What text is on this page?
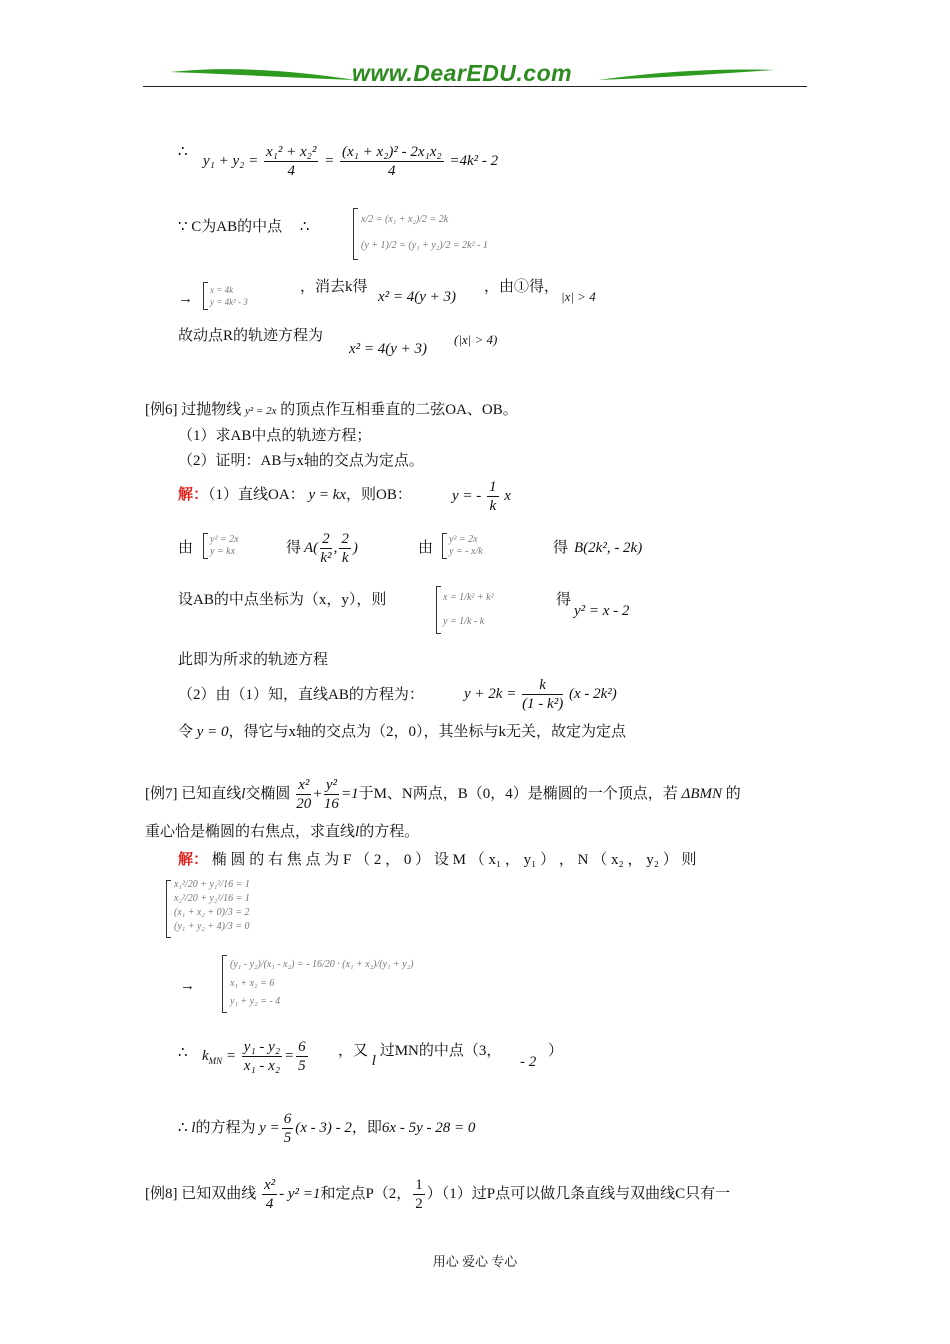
www.DearEDU.com
∴
$y_1 + y_2 = \frac{\text{x₁² + x₂²}}{4} = \frac{\text{(x₁ + x₂)² - 2x₁x₂}}{4} =4k^2 - 2$
∵ C为AB的中点 ∴	x/2 = (x₁ + x₂)/2 = 2k
(y + 1)/2 = (y₁ + y₂)/2 = 2k² - 1
→
x = 4k
y = 4k² - 3
，消去k得
x² = 4(y + 3)
，由①得，
|x| > 4
故动点R的轨迹方程为
x² = 4(y + 3)
(|x| > 4)
[例6] 过抛物线 y² = 2x 的顶点作互相垂直的二弦OA、OB。
（1）求AB中点的轨迹方程；
（2）证明：AB与x轴的交点为定点。
解：（1）直线OA： y = kx，则OB：	y = - $\frac{1}{k}$ x
由
y² = 2x
y = kx	得 $A( \frac{2}{\text{k²}}$ , $\frac{2}{k}$ )	由
y² = 2x
y = - x/k	得 B(2k², - 2k)
设AB的中点坐标为（x，y），则	x = 1/k² + k²
y = 1/k - k
得
y² = x - 2
此即为所求的轨迹方程
（2）由（1）知，直线AB的方程为：	$y + 2k = \frac{k}{\text{(1 - k²)}} (x - 2k^2)$
令 y = 0，得它与x轴的交点为（2，0），其坐标与k无关，故定为定点
[例7] 已知直线l交椭圆 $\frac{\text{x²}}{20} + \frac{\text{y²}}{16} =1$于M、N两点，B（0，4）是椭圆的一个顶点，若 ΔBMN 的
重心恰是椭圆的右焦点，求直线l的方程。
解： 椭 圆 的 右 焦 点 为 F （ 2 ， 0 ） 设 M （ x₁ ， y₁ ） ， N （ x₂ ， y₂ ） 则
x₁²/20 + y₁²/16 = 1
x₂²/20 + y₂²/16 = 1
(x₁ + x₂ + 0)/3 = 2
(y₁ + y₂ + 4)/3 = 0
→
(y₁ - y₂)/(x₁ - x₂) = - 16/20 · (x₁ + x₂)/(y₁ + y₂)
x₁ + x₂ = 6
y₁ + y₂ = - 4
∴ $k_{MN} = \frac{\text{y₁ - y₂}}{\text{x₁ - x₂}} = \frac{6}{5}$ ，又 l 过MN的中点（3，
- 2
）
∴ l的方程为 $y = \frac{6}{5} (x - 3) - 2$，即6x - 5y - 28 = 0
[例8] 已知双曲线 $\frac{\text{x²}}{4} - y^2 =1$和定点P（2， $\frac{1}{2} )(1)$过P点可以做几条直线与双曲线C只有一
用心 爱心 专心
